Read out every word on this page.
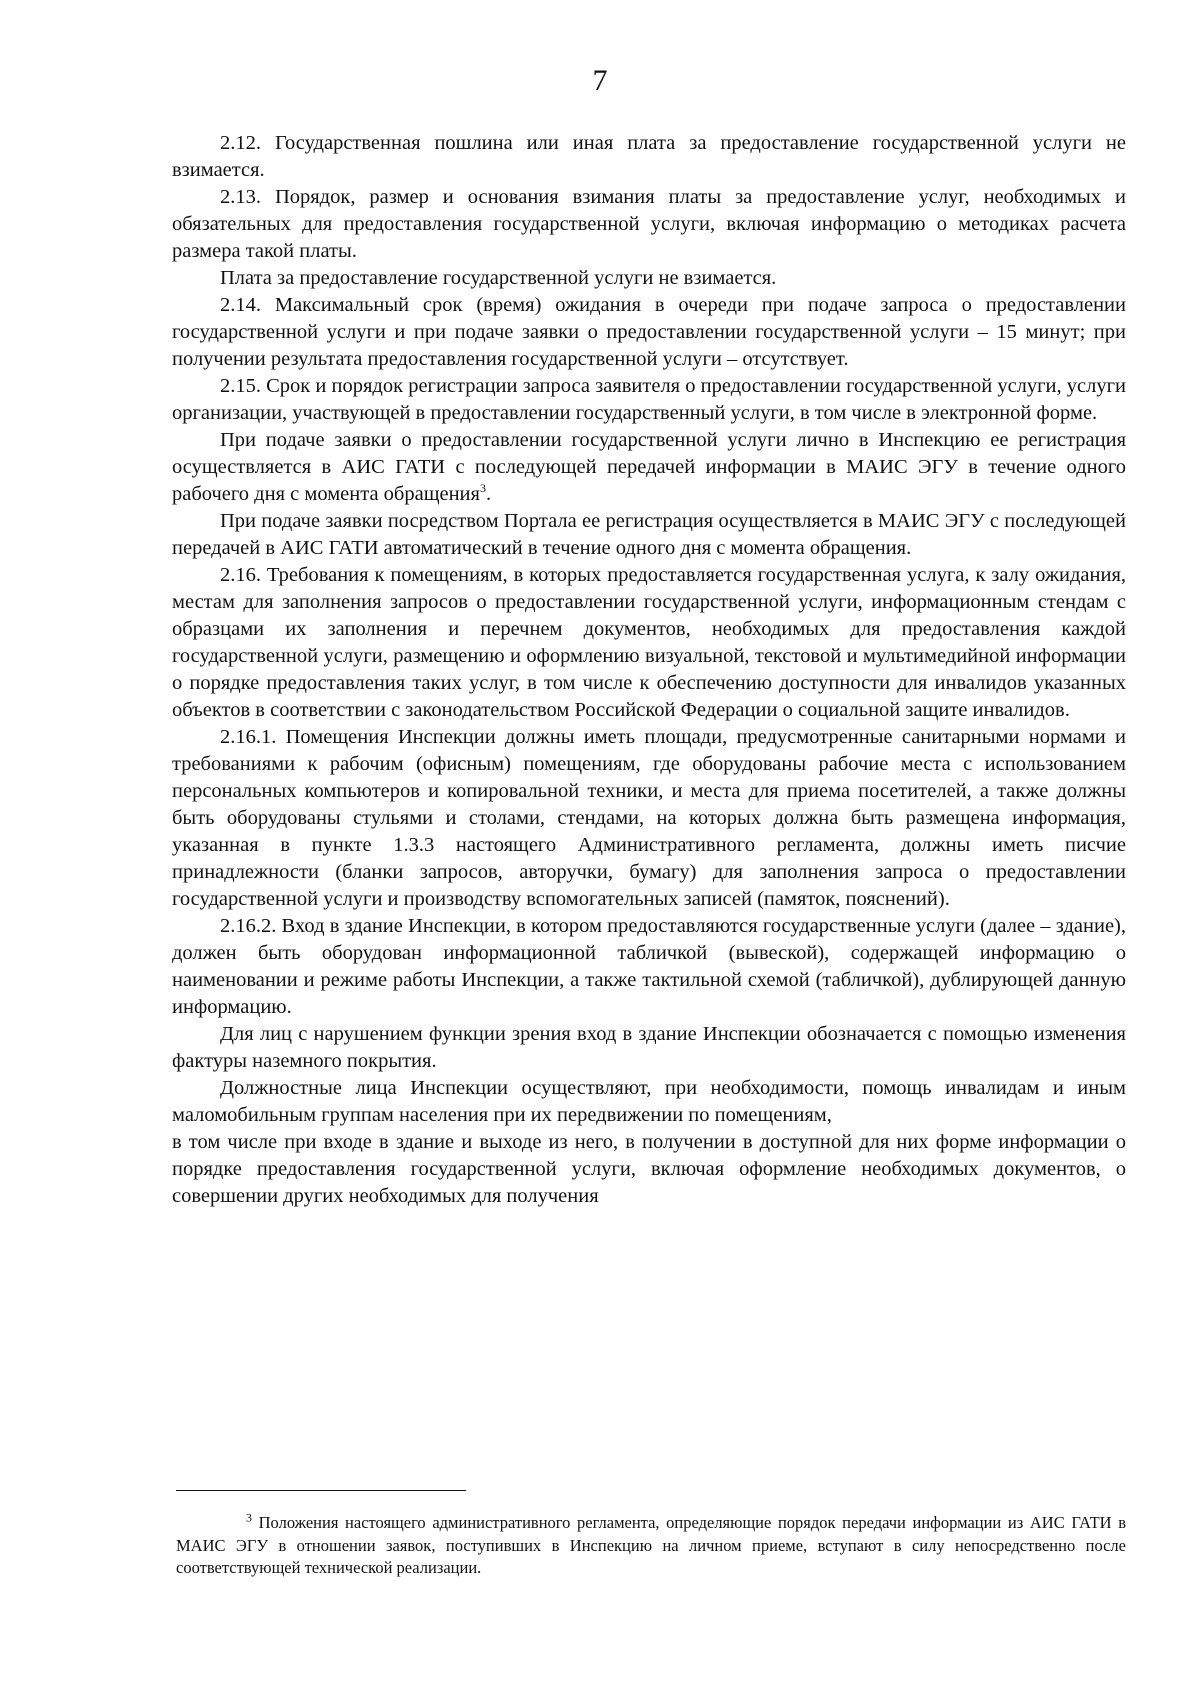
7

2.12. Государственная пошлина или иная плата за предоставление государственной услуги не взимается.

2.13. Порядок, размер и основания взимания платы за предоставление услуг, необходимых и обязательных для предоставления государственной услуги, включая информацию о методиках расчета размера такой платы.

Плата за предоставление государственной услуги не взимается.

2.14. Максимальный срок (время) ожидания в очереди при подаче запроса о предоставлении государственной услуги и при подаче заявки о предоставлении государственной услуги – 15 минут; при получении результата предоставления государственной услуги – отсутствует.

2.15. Срок и порядок регистрации запроса заявителя о предоставлении государственной услуги, услуги организации, участвующей в предоставлении государственный услуги, в том числе в электронной форме.

При подаче заявки о предоставлении государственной услуги лично в Инспекцию ее регистрация осуществляется в АИС ГАТИ с последующей передачей информации в МАИС ЭГУ в течение одного рабочего дня с момента обращения$^3$.

При подаче заявки посредством Портала ее регистрация осуществляется в МАИС ЭГУ с последующей передачей в АИС ГАТИ автоматический в течение одного дня с момента обращения.

2.16. Требования к помещениям, в которых предоставляется государственная услуга, к залу ожидания, местам для заполнения запросов о предоставлении государственной услуги, информационным стендам с образцами их заполнения и перечнем документов, необходимых для предоставления каждой государственной услуги, размещению и оформлению визуальной, текстовой и мультимедийной информации о порядке предоставления таких услуг, в том числе к обеспечению доступности для инвалидов указанных объектов в соответствии с законодательством Российской Федерации о социальной защите инвалидов.

2.16.1. Помещения Инспекции должны иметь площади, предусмотренные санитарными нормами и требованиями к рабочим (офисным) помещениям, где оборудованы рабочие места с использованием персональных компьютеров и копировальной техники, и места для приема посетителей, а также должны быть оборудованы стульями и столами, стендами, на которых должна быть размещена информация, указанная в пункте 1.3.3 настоящего Административного регламента, должны иметь писчие принадлежности (бланки запросов, авторучки, бумагу) для заполнения запроса о предоставлении государственной услуги и производству вспомогательных записей (памяток, пояснений).

2.16.2. Вход в здание Инспекции, в котором предоставляются государственные услуги (далее – здание), должен быть оборудован информационной табличкой (вывеской), содержащей информацию о наименовании и режиме работы Инспекции, а также тактильной схемой (табличкой), дублирующей данную информацию.

Для лиц с нарушением функции зрения вход в здание Инспекции обозначается с помощью изменения фактуры наземного покрытия.

Должностные лица Инспекции осуществляют, при необходимости, помощь инвалидам и иным маломобильным группам населения при их передвижении по помещениям,

в том числе при входе в здание и выходе из него, в получении в доступной для них форме информации о порядке предоставления государственной услуги, включая оформление необходимых документов, о совершении других необходимых для получения

$^3$ Положения настоящего административного регламента, определяющие порядок передачи информации из АИС ГАТИ в МАИС ЭГУ в отношении заявок, поступивших в Инспекцию на личном приеме, вступают в силу непосредственно после соответствующей технической реализации.
